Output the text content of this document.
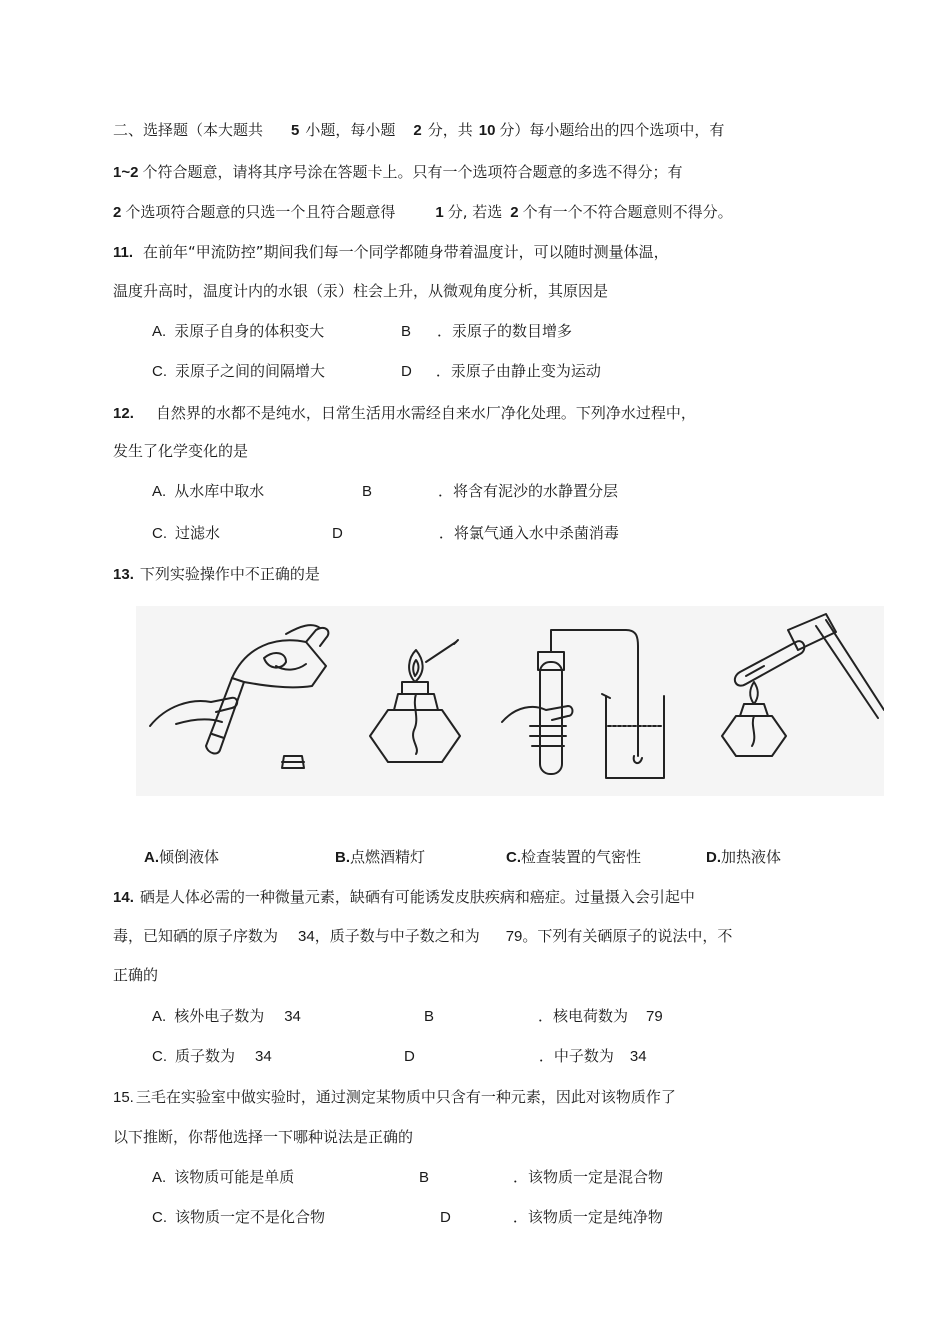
二、选择题（本大题共 5 小题，每小题 2 分，共 10 分）每小题给出的四个选项中，有
1~2 个符合题意，请将其序号涂在答题卡上。只有一个选项符合题意的多选不得分；有
2 个选项符合题意的只选一个且符合题意得	1 分, 若选 2 个有一个不符合题意则不得分。
11. 在前年“甲流防控”期间我们每一个同学都随身带着温度计，可以随时测量体温，
温度升高时，温度计内的水银（汞）柱会上升，从微观角度分析，其原因是
A. 汞原子自身的体积变大	B ．汞原子的数目增多
C. 汞原子之间的间隔增大	D ．汞原子由静止变为运动
12. 自然界的水都不是纯水，日常生活用水需经自来水厂净化处理。下列净水过程中，
发生了化学变化的是
A. 从水库中取水	B	．将含有泥沙的水静置分层
C. 过滤水	D	．将氯气通入水中杀菌消毒
13. 下列实验操作中不正确的是
A.倾倒液体	B.点燃酒精灯	C.检查装置的气密性	D.加热液体
14. 硒是人体必需的一种微量元素，缺硒有可能诱发皮肤疾病和癌症。过量摄入会引起中
毒，已知硒的原子序数为 34，质子数与中子数之和为 79。下列有关硒原子的说法中，不
正确的
A. 核外电子数为 34	B	．核电荷数为 79
C. 质子数为 34	D	．中子数为 34
15. 三毛在实验室中做实验时，通过测定某物质中只含有一种元素，因此对该物质作了
以下推断，你帮他选择一下哪种说法是正确的
A. 该物质可能是单质	B	．该物质一定是混合物
C. 该物质一定不是化合物	D	．该物质一定是纯净物
